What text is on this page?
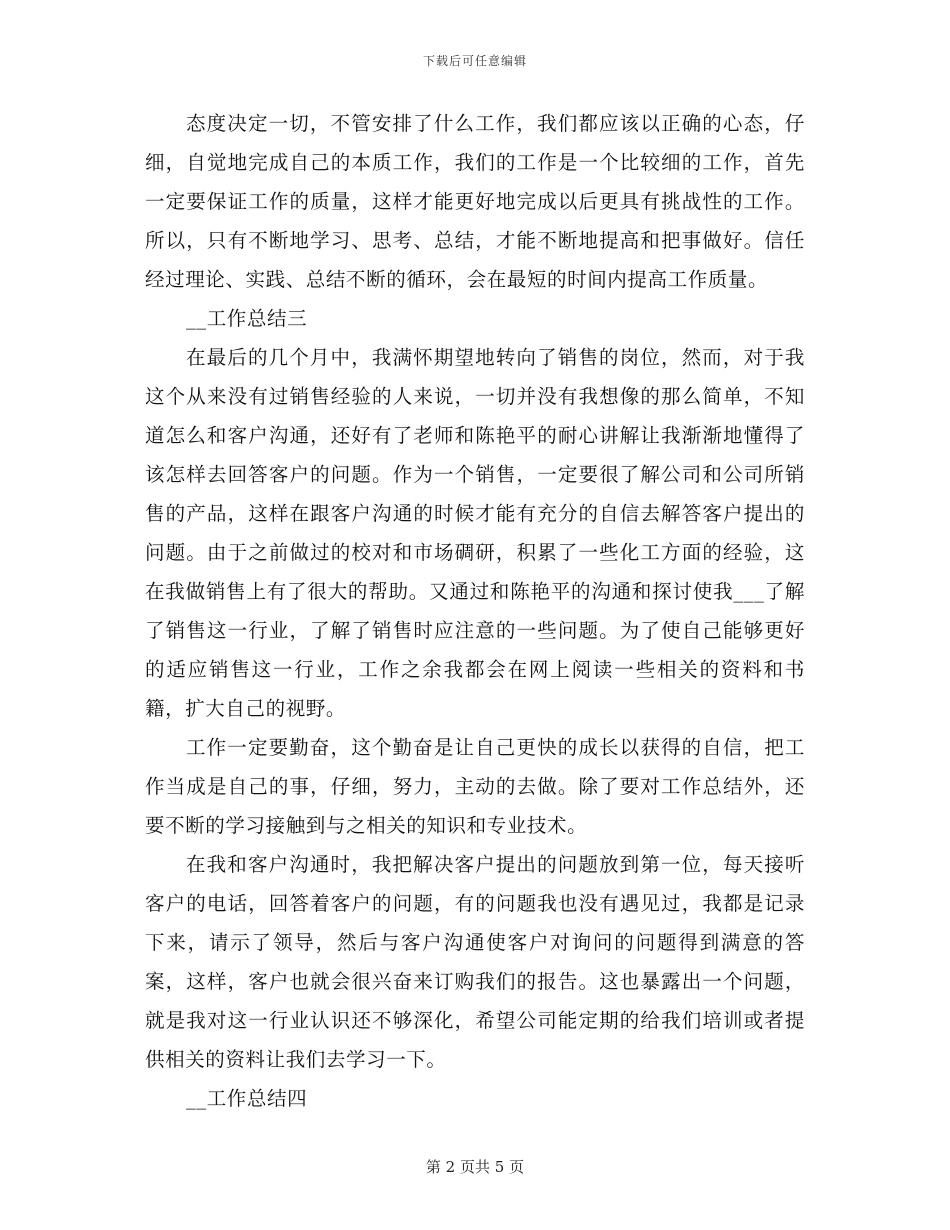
下载后可任意编辑

态度决定一切，不管安排了什么工作，我们都应该以正确的心态，仔细，自觉地完成自己的本质工作，我们的工作是一个比较细的工作，首先一定要保证工作的质量，这样才能更好地完成以后更具有挑战性的工作。所以，只有不断地学习、思考、总结，才能不断地提高和把事做好。信任经过理论、实践、总结不断的循环，会在最短的时间内提高工作质量。

__工作总结三

在最后的几个月中，我满怀期望地转向了销售的岗位，然而，对于我这个从来没有过销售经验的人来说，一切并没有我想像的那么简单，不知道怎么和客户沟通，还好有了老师和陈艳平的耐心讲解让我渐渐地懂得了该怎样去回答客户的问题。作为一个销售，一定要很了解公司和公司所销售的产品，这样在跟客户沟通的时候才能有充分的自信去解答客户提出的问题。由于之前做过的校对和市场碉研，积累了一些化工方面的经验，这在我做销售上有了很大的帮助。又通过和陈艳平的沟通和探讨使我___了解了销售这一行业，了解了销售时应注意的一些问题。为了使自己能够更好的适应销售这一行业，工作之余我都会在网上阅读一些相关的资料和书籍，扩大自己的视野。

工作一定要勤奋，这个勤奋是让自己更快的成长以获得的自信，把工作当成是自己的事，仔细，努力，主动的去做。除了要对工作总结外，还要不断的学习接触到与之相关的知识和专业技术。

在我和客户沟通时，我把解决客户提出的问题放到第一位，每天接听客户的电话，回答着客户的问题，有的问题我也没有遇见过，我都是记录下来，请示了领导，然后与客户沟通使客户对询问的问题得到满意的答案，这样，客户也就会很兴奋来订购我们的报告。这也暴露出一个问题，就是我对这一行业认识还不够深化，希望公司能定期的给我们培训或者提供相关的资料让我们去学习一下。

__工作总结四

第 2 页共 5 页
